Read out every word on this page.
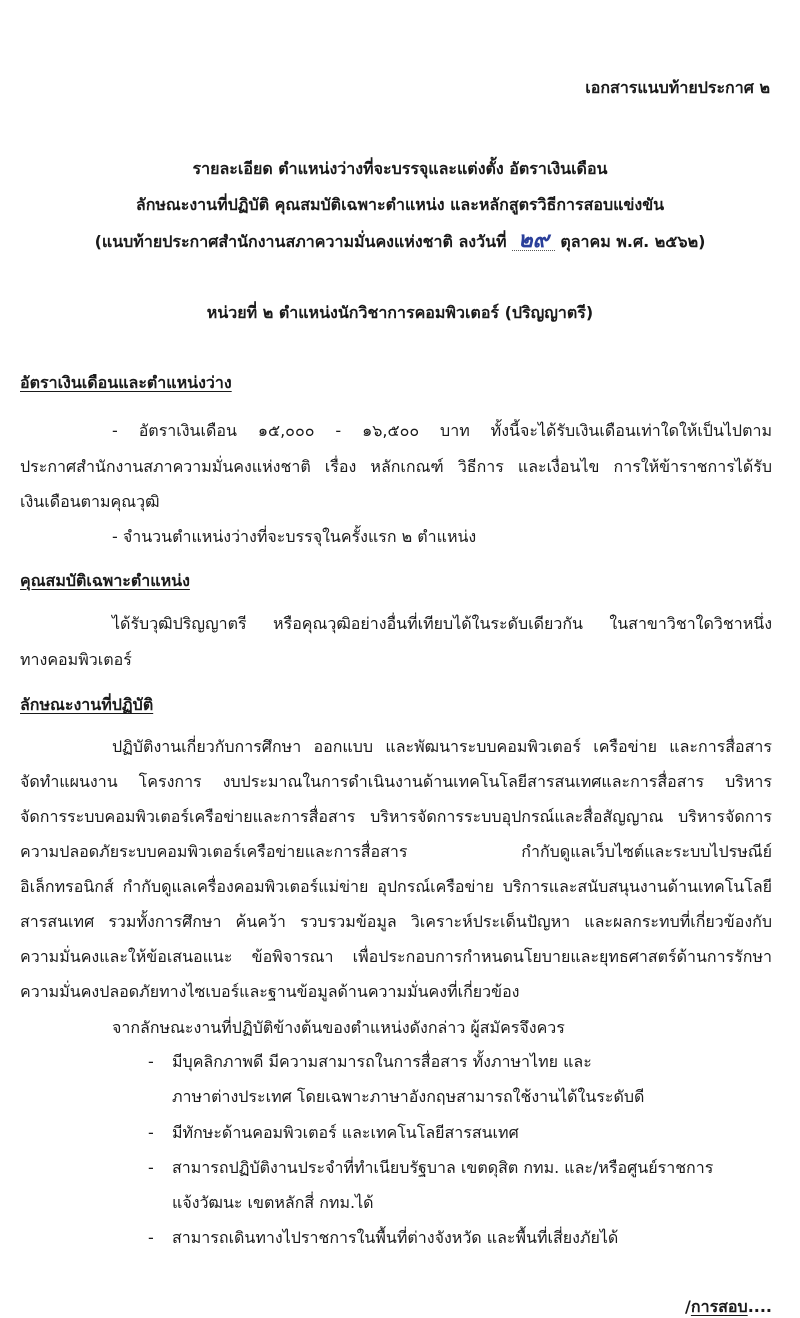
เอกสารแนบท้ายประกาศ ๒
รายละเอียด ตำแหน่งว่างที่จะบรรจุและแต่งตั้ง อัตราเงินเดือน
ลักษณะงานที่ปฏิบัติ คุณสมบัติเฉพาะตำแหน่ง และหลักสูตรวิธีการสอบแข่งขัน
(แนบท้ายประกาศสำนักงานสภาความมั่นคงแห่งชาติ ลงวันที่ ๒๙ ตุลาคม พ.ศ. ๒๕๖๒)
หน่วยที่ ๒ ตำแหน่งนักวิชาการคอมพิวเตอร์ (ปริญญาตรี)
อัตราเงินเดือนและตำแหน่งว่าง
- อัตราเงินเดือน ๑๕,๐๐๐ - ๑๖,๕๐๐ บาท ทั้งนี้จะได้รับเงินเดือนเท่าใดให้เป็นไปตาม
ประกาศสำนักงานสภาความมั่นคงแห่งชาติ เรื่อง หลักเกณฑ์ วิธีการ และเงื่อนไข การให้ข้าราชการได้รับ
เงินเดือนตามคุณวุฒิ
- จำนวนตำแหน่งว่างที่จะบรรจุในครั้งแรก ๒ ตำแหน่ง
คุณสมบัติเฉพาะตำแหน่ง
ได้รับวุฒิปริญญาตรี หรือคุณวุฒิอย่างอื่นที่เทียบได้ในระดับเดียวกัน ในสาขาวิชาใดวิชาหนึ่ง
ทางคอมพิวเตอร์
ลักษณะงานที่ปฏิบัติ
ปฏิบัติงานเกี่ยวกับการศึกษา ออกแบบ และพัฒนาระบบคอมพิวเตอร์ เครือข่าย และการสื่อสาร
จัดทำแผนงาน โครงการ งบประมาณในการดำเนินงานด้านเทคโนโลยีสารสนเทศและการสื่อสาร บริหาร
จัดการระบบคอมพิวเตอร์เครือข่ายและการสื่อสาร บริหารจัดการระบบอุปกรณ์และสื่อสัญญาณ บริหารจัดการ
ความปลอดภัยระบบคอมพิวเตอร์เครือข่ายและการสื่อสาร กำกับดูแลเว็บไซต์และระบบไปรษณีย์
อิเล็กทรอนิกส์ กำกับดูแลเครื่องคอมพิวเตอร์แม่ข่าย อุปกรณ์เครือข่าย บริการและสนับสนุนงานด้านเทคโนโลยี
สารสนเทศ รวมทั้งการศึกษา ค้นคว้า รวบรวมข้อมูล วิเคราะห์ประเด็นปัญหา และผลกระทบที่เกี่ยวข้องกับ
ความมั่นคงและให้ข้อเสนอแนะ ข้อพิจารณา เพื่อประกอบการกำหนดนโยบายและยุทธศาสตร์ด้านการรักษา
ความมั่นคงปลอดภัยทางไซเบอร์และฐานข้อมูลด้านความมั่นคงที่เกี่ยวข้อง
จากลักษณะงานที่ปฏิบัติข้างต้นของตำแหน่งดังกล่าว ผู้สมัครจึงควร
- มีบุคลิกภาพดี มีความสามารถในการสื่อสาร ทั้งภาษาไทย และ
ภาษาต่างประเทศ โดยเฉพาะภาษาอังกฤษสามารถใช้งานได้ในระดับดี
- มีทักษะด้านคอมพิวเตอร์ และเทคโนโลยีสารสนเทศ
- สามารถปฏิบัติงานประจำที่ทำเนียบรัฐบาล เขตดุสิต กทม. และ/หรือศูนย์ราชการ
แจ้งวัฒนะ เขตหลักสี่ กทม.ได้
- สามารถเดินทางไปราชการในพื้นที่ต่างจังหวัด และพื้นที่เสี่ยงภัยได้
/การสอบ....
